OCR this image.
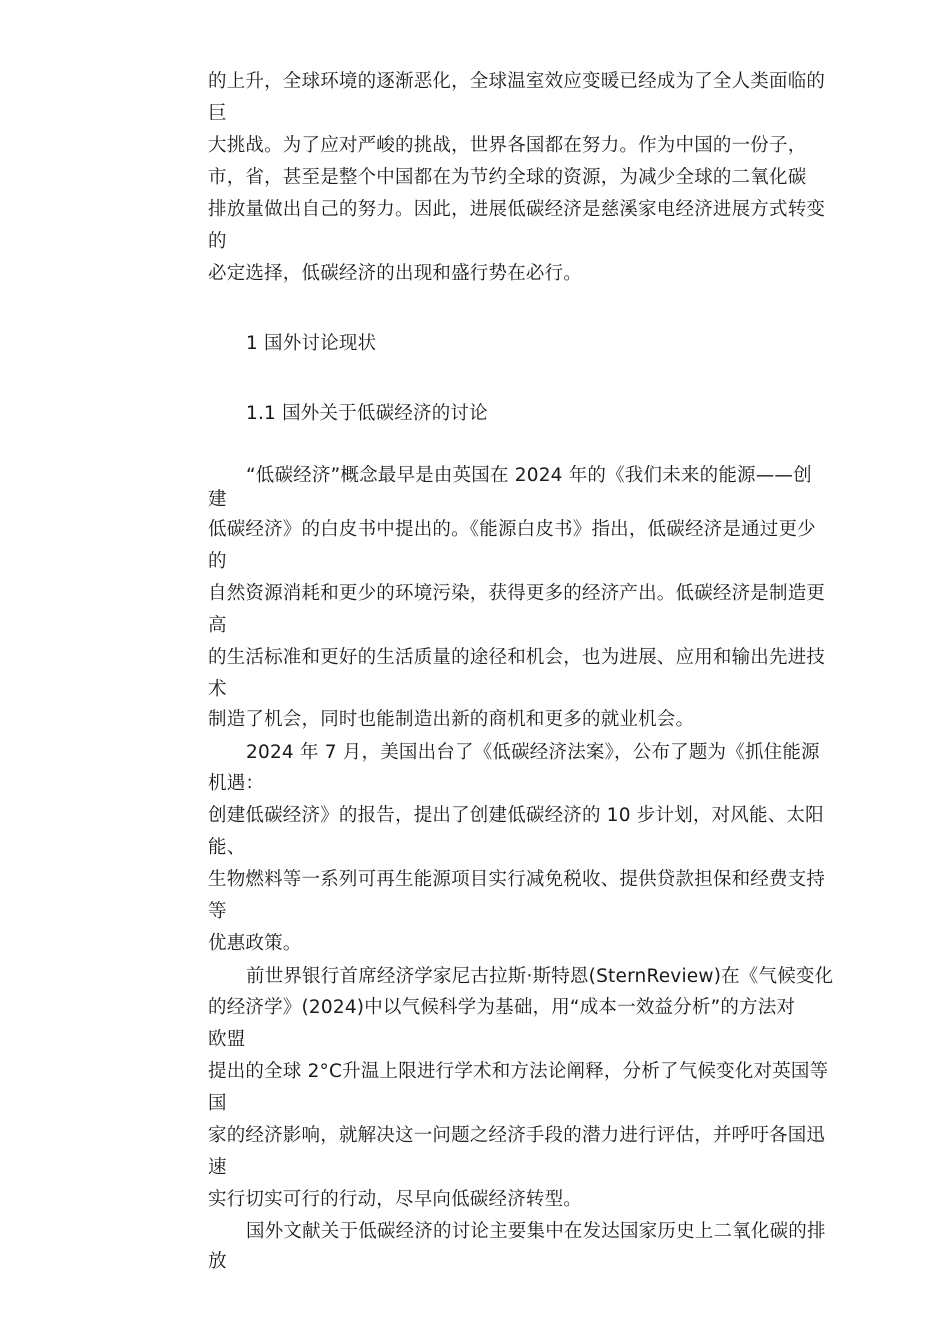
的上升，全球环境的逐渐恶化，全球温室效应变暖已经成为了全人类面临的
巨
大挑战。为了应对严峻的挑战，世界各国都在努力。作为中国的一份子，
市，省，甚至是整个中国都在为节约全球的资源，为减少全球的二氧化碳
排放量做出自己的努力。因此，进展低碳经济是慈溪家电经济进展方式转变
的
必定选择，低碳经济的出现和盛行势在必行。
1 国外讨论现状
1.1 国外关于低碳经济的讨论
“低碳经济”概念最早是由英国在 2024 年的《我们未来的能源——创
建
低碳经济》的白皮书中提出的。《能源白皮书》指出，低碳经济是通过更少
的
自然资源消耗和更少的环境污染，获得更多的经济产出。低碳经济是制造更
高
的生活标准和更好的生活质量的途径和机会，也为进展、应用和输出先进技
术
制造了机会，同时也能制造出新的商机和更多的就业机会。
2024 年 7 月，美国出台了《低碳经济法案》，公布了题为《抓住能源
机遇：
创建低碳经济》的报告，提出了创建低碳经济的 10 步计划，对风能、太阳
能、
生物燃料等一系列可再生能源项目实行减免税收、提供贷款担保和经费支持
等
优惠政策。
前世界银行首席经济学家尼古拉斯·斯特恩(SternReview)在《气候变化
的经济学》(2024)中以气候科学为基础，用“成本一效益分析”的方法对
欧盟
提出的全球 2°C升温上限进行学术和方法论阐释，分析了气候变化对英国等
国
家的经济影响，就解决这一问题之经济手段的潜力进行评估，并呼吁各国迅
速
实行切实可行的行动，尽早向低碳经济转型。
国外文献关于低碳经济的讨论主要集中在发达国家历史上二氧化碳的排
放
